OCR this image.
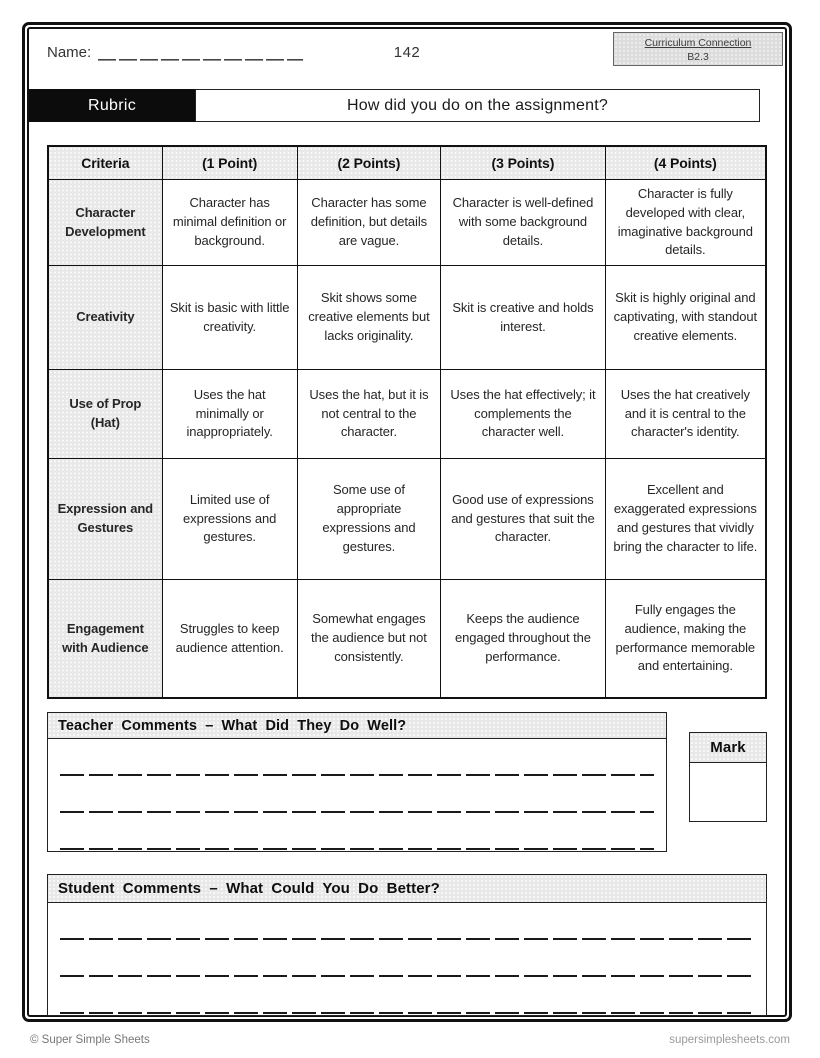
Name:	142
Curriculum Connection
B2.3
Rubric	How did you do on the assignment?
Criteria	(1 Point)	(2 Points)	(3 Points)	(4 Points)
Character Development	Character has minimal definition or background.	Character has some definition, but details are vague.	Character is well-defined with some background details.	Character is fully developed with clear, imaginative background details.
Creativity	Skit is basic with little creativity.	Skit shows some creative elements but lacks originality.	Skit is creative and holds interest.	Skit is highly original and captivating, with standout creative elements.
Use of Prop (Hat)	Uses the hat minimally or inappropriately.	Uses the hat, but it is not central to the character.	Uses the hat effectively; it complements the character well.	Uses the hat creatively and it is central to the character's identity.
Expression and Gestures	Limited use of expressions and gestures.	Some use of appropriate expressions and gestures.	Good use of expressions and gestures that suit the character.	Excellent and exaggerated expressions and gestures that vividly bring the character to life.
Engagement with Audience	Struggles to keep audience attention.	Somewhat engages the audience but not consistently.	Keeps the audience engaged throughout the performance.	Fully engages the audience, making the performance memorable and entertaining.
Teacher Comments – What Did They Do Well?
Mark
Student Comments – What Could You Do Better?
© Super Simple Sheets	supersimplesheets.com
